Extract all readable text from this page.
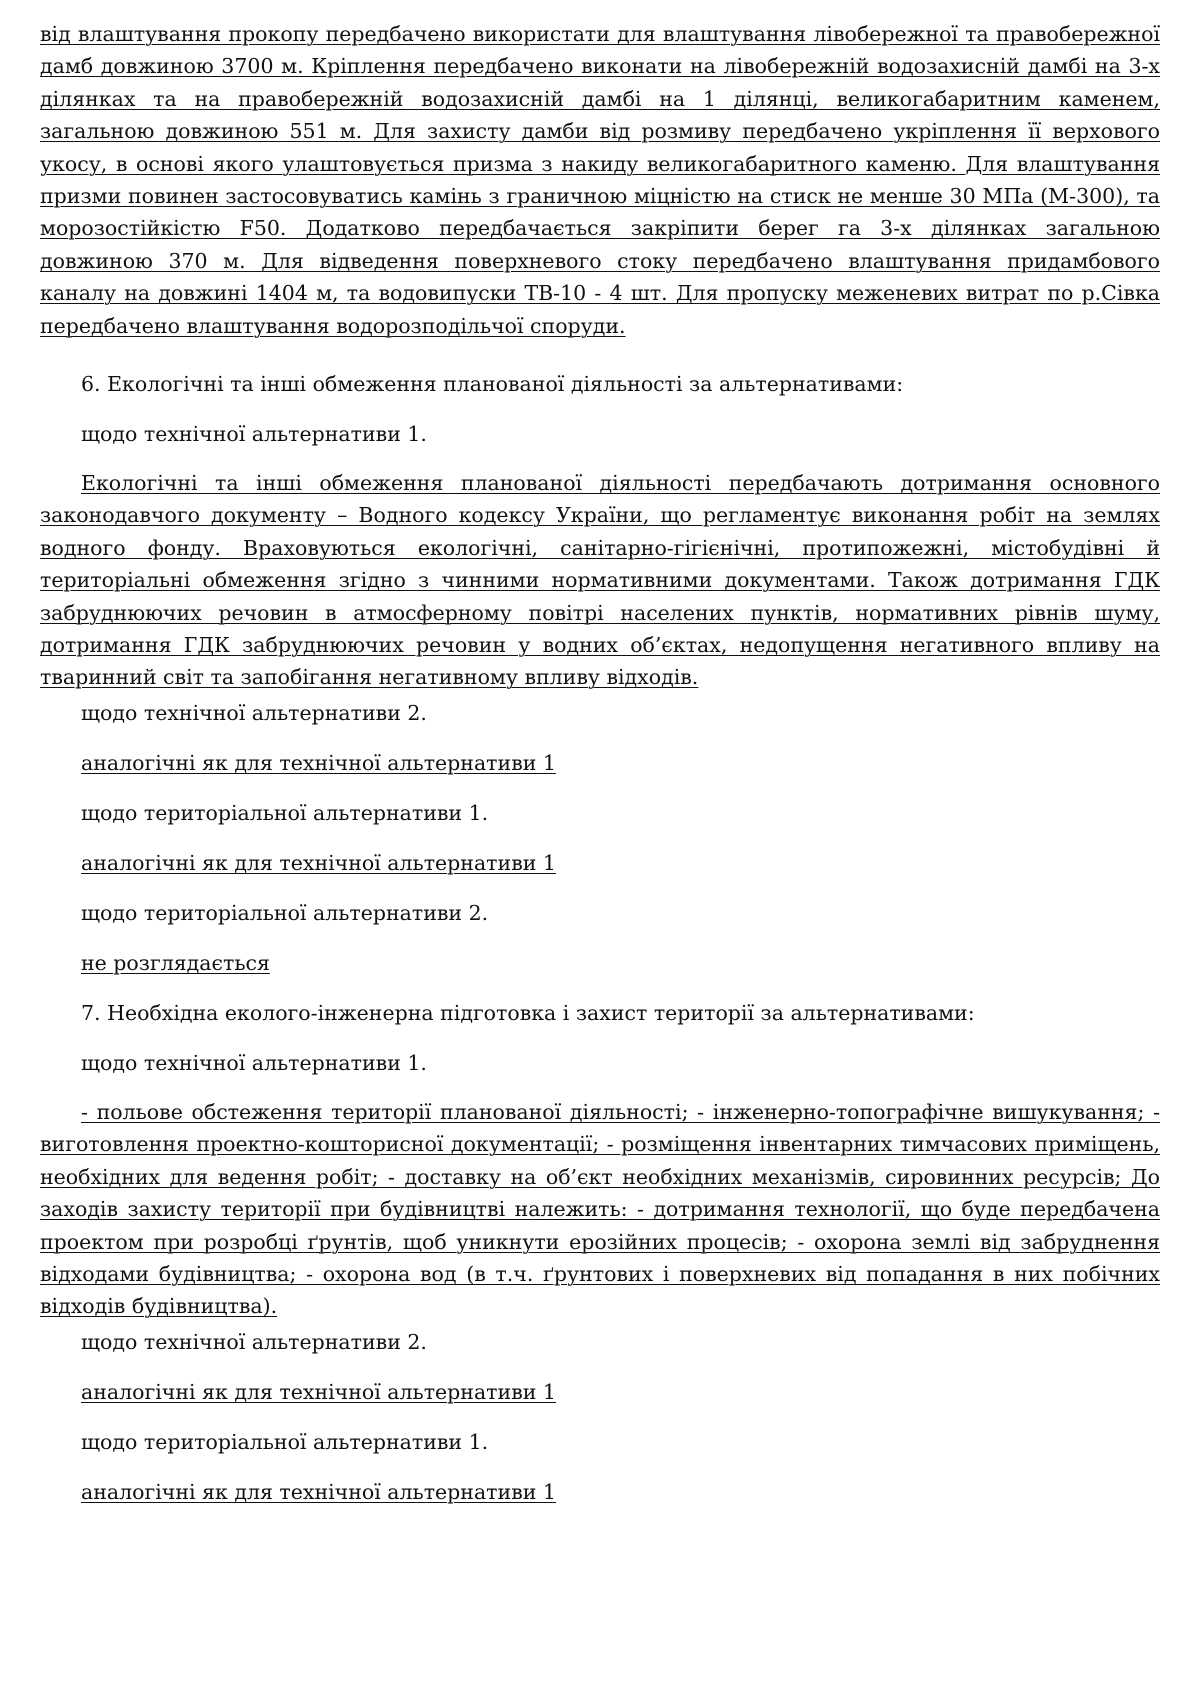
від влаштування прокопу передбачено використати для влаштування лівобережної та правобережної дамб довжиною 3700 м. Кріплення передбачено виконати на лівобережній водозахисній дамбі на 3-х ділянках та на правобережній водозахисній дамбі на 1 ділянці, великогабаритним каменем, загальною довжиною 551 м. Для захисту дамби від розмиву передбачено укріплення її верхового укосу, в основі якого улаштовується призма з накиду великогабаритного каменю. Для влаштування призми повинен застосовуватись камінь з граничною міцністю на стиск не менше 30 МПа (М-300), та морозостійкістю F50. Додатково передбачається закріпити берег га 3-х ділянках загальною довжиною 370 м. Для відведення поверхневого стоку передбачено влаштування придамбового каналу на довжині 1404 м, та водовипуски ТВ-10 - 4 шт. Для пропуску меженевих витрат по р.Сівка передбачено влаштування водорозподільчої споруди.

6. Екологічні та інші обмеження планованої діяльності за альтернативами:

щодо технічної альтернативи 1.

Екологічні та інші обмеження планованої діяльності передбачають дотримання основного законодавчого документу – Водного кодексу України, що регламентує виконання робіт на землях водного фонду. Враховуються екологічні, санітарно-гігієнічні, протипожежні, містобудівні й територіальні обмеження згідно з чинними нормативними документами. Також дотримання ГДК забруднюючих речовин в атмосферному повітрі населених пунктів, нормативних рівнів шуму, дотримання ГДК забруднюючих речовин у водних об’єктах, недопущення негативного впливу на тваринний світ та запобігання негативному впливу відходів.

щодо технічної альтернативи 2.

аналогічні як для технічної альтернативи 1

щодо територіальної альтернативи 1.

аналогічні як для технічної альтернативи 1

щодо територіальної альтернативи 2.

не розглядається

7. Необхідна еколого-інженерна підготовка і захист території за альтернативами:

щодо технічної альтернативи 1.

- польове обстеження території планованої діяльності; - інженерно-топографічне вишукування; - виготовлення проектно-кошторисної документації; - розміщення інвентарних тимчасових приміщень, необхідних для ведення робіт; - доставку на об’єкт необхідних механізмів, сировинних ресурсів; До заходів захисту території при будівництві належить: - дотримання технології, що буде передбачена проектом при розробці ґрунтів, щоб уникнути ерозійних процесів; - охорона землі від забруднення відходами будівництва; - охорона вод (в т.ч. ґрунтових і поверхневих від попадання в них побічних відходів будівництва).

щодо технічної альтернативи 2.

аналогічні як для технічної альтернативи 1

щодо територіальної альтернативи 1.

аналогічні як для технічної альтернативи 1
